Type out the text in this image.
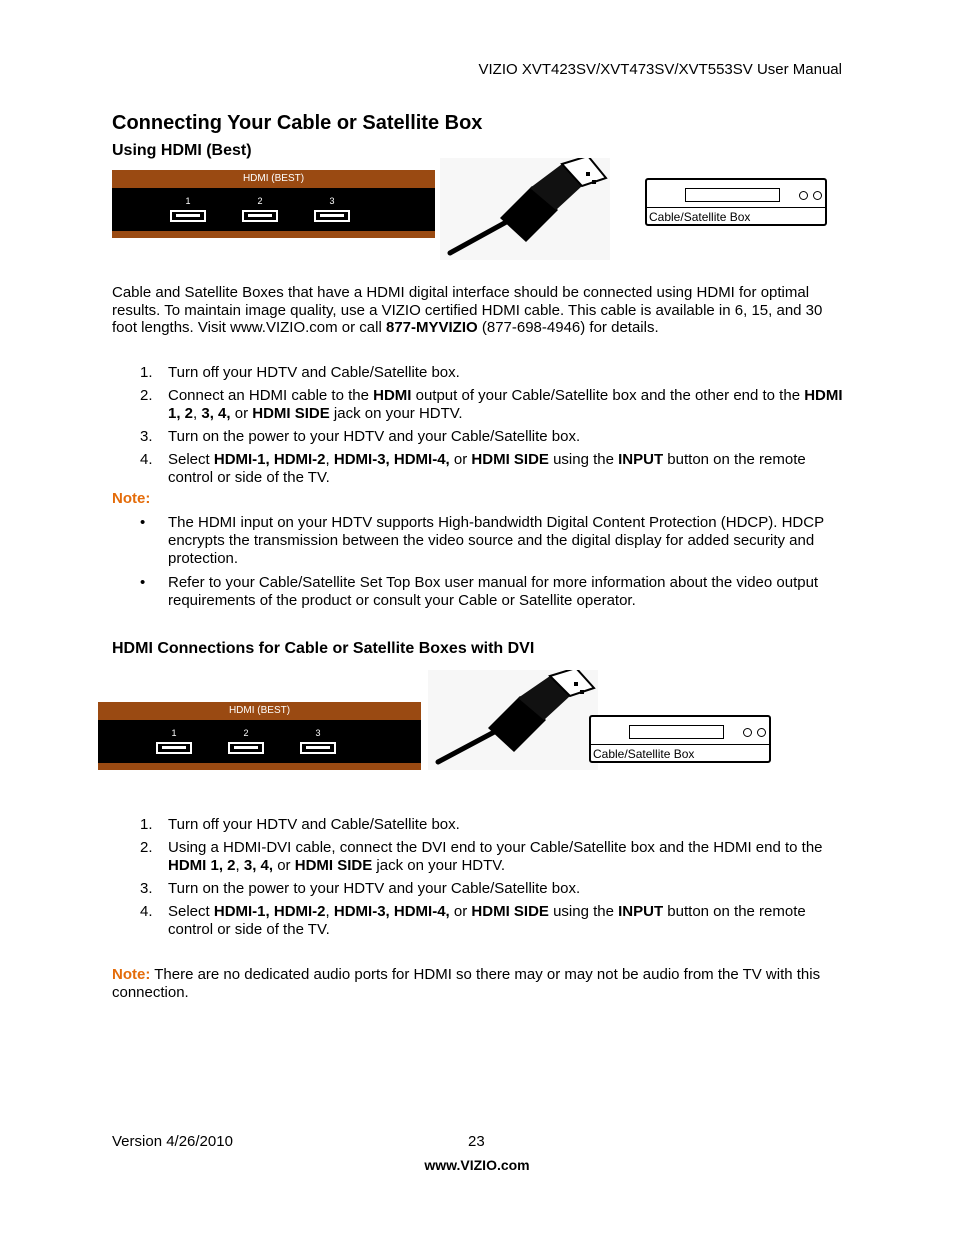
VIZIO XVT423SV/XVT473SV/XVT553SV User Manual
Connecting Your Cable or Satellite Box
Using HDMI (Best)
HDMI (BEST)
1	2	3
Cable/Satellite Box
Cable and Satellite Boxes that have a HDMI digital interface should be connected using HDMI for optimal results. To maintain image quality, use a VIZIO certified HDMI cable. This cable is available in 6, 15, and 30 foot lengths. Visit www.VIZIO.com or call 877-MYVIZIO (877-698-4946) for details.
1. Turn off your HDTV and Cable/Satellite box.
2. Connect an HDMI cable to the HDMI output of your Cable/Satellite box and the other end to the HDMI 1, 2, 3, 4, or HDMI SIDE jack on your HDTV.
3. Turn on the power to your HDTV and your Cable/Satellite box.
4. Select HDMI-1, HDMI-2, HDMI-3, HDMI-4, or HDMI SIDE using the INPUT button on the remote control or side of the TV.
Note:
• The HDMI input on your HDTV supports High-bandwidth Digital Content Protection (HDCP). HDCP encrypts the transmission between the video source and the digital display for added security and protection.
• Refer to your Cable/Satellite Set Top Box user manual for more information about the video output requirements of the product or consult your Cable or Satellite operator.
HDMI Connections for Cable or Satellite Boxes with DVI
HDMI (BEST)
1	2	3
Cable/Satellite Box
1. Turn off your HDTV and Cable/Satellite box.
2. Using a HDMI-DVI cable, connect the DVI end to your Cable/Satellite box and the HDMI end to the HDMI 1, 2, 3, 4, or HDMI SIDE jack on your HDTV.
3. Turn on the power to your HDTV and your Cable/Satellite box.
4. Select HDMI-1, HDMI-2, HDMI-3, HDMI-4, or HDMI SIDE using the INPUT button on the remote control or side of the TV.
Note: There are no dedicated audio ports for HDMI so there may or may not be audio from the TV with this connection.
Version 4/26/2010	23
www.VIZIO.com
